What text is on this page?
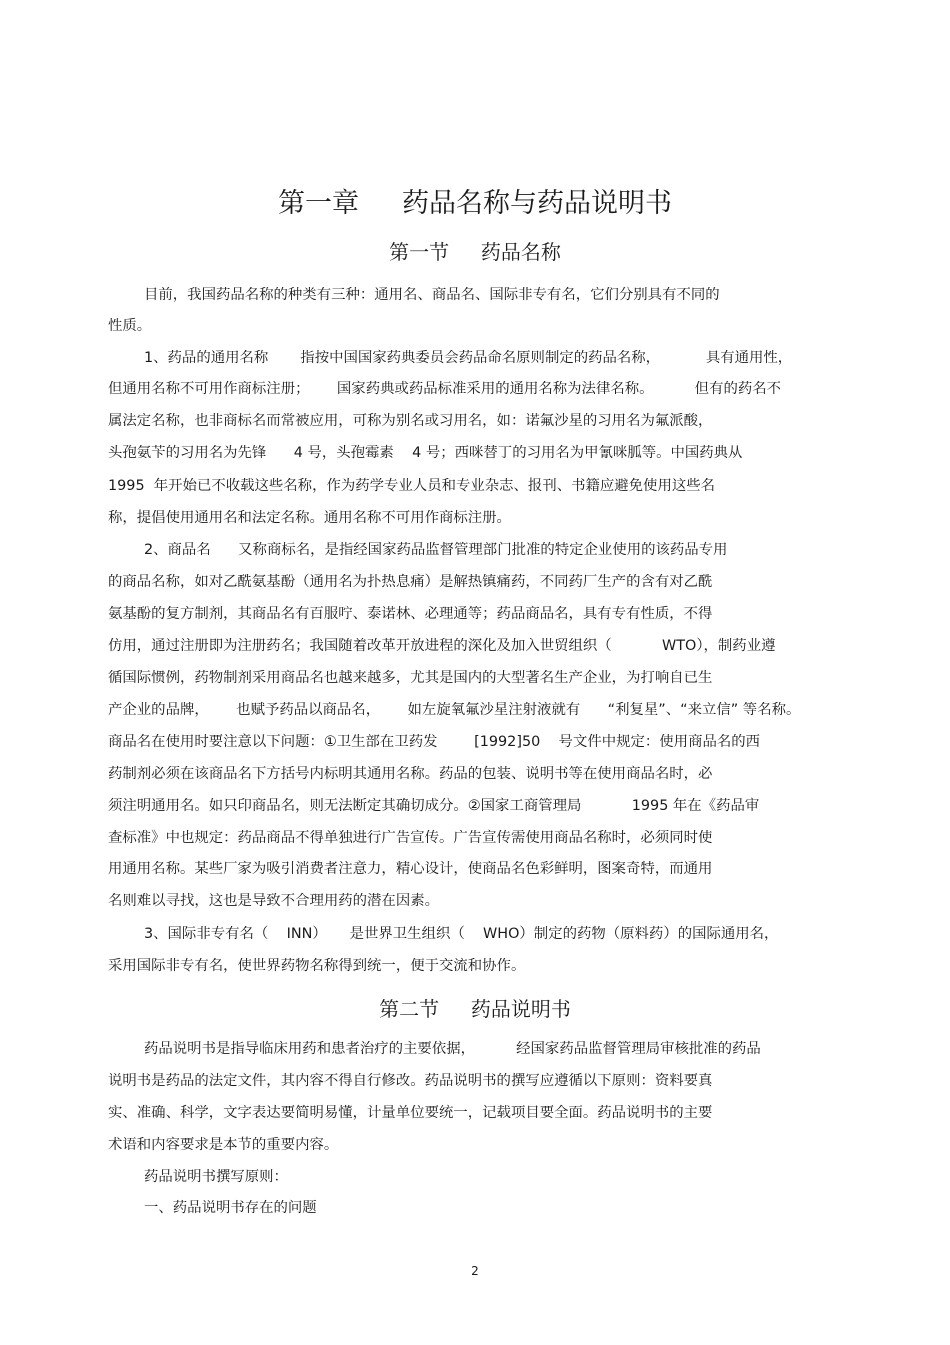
第一章     药品名称与药品说明书
第一节     药品名称
目前，我国药品名称的种类有三种：通用名、商品名、国际非专有名，它们分别具有不同的
性质。
1、药品的通用名称       指按中国国家药典委员会药品命名原则制定的药品名称，          具有通用性，
但通用名称不可用作商标注册；      国家药典或药品标准采用的通用名称为法律名称。         但有的药名不
属法定名称，也非商标名而常被应用，可称为别名或习用名，如：诺氟沙星的习用名为氟派酸，
头孢氨苄的习用名为先锋      4 号，头孢霉素    4 号；西咪替丁的习用名为甲氰咪胍等。中国药典从
1995  年开始已不收载这些名称，作为药学专业人员和专业杂志、报刊、书籍应避免使用这些名
称，提倡使用通用名和法定名称。通用名称不可用作商标注册。
2、商品名      又称商标名，是指经国家药品监督管理部门批准的特定企业使用的该药品专用
的商品名称，如对乙酰氨基酚（通用名为扑热息痛）是解热镇痛药，不同药厂生产的含有对乙酰
氨基酚的复方制剂，其商品名有百服咛、泰诺林、必理通等；药品商品名，具有专有性质，不得
仿用，通过注册即为注册药名；我国随着改革开放进程的深化及加入世贸组织（           WTO），制药业遵
循国际惯例，药物制剂采用商品名也越来越多，尤其是国内的大型著名生产企业，为打响自已生
产企业的品牌，      也赋予药品以商品名，      如左旋氧氟沙星注射液就有      “利复星”、“来立信” 等名称。
商品名在使用时要注意以下问题：①卫生部在卫药发        [1992]50    号文件中规定：使用商品名的西
药制剂必须在该商品名下方括号内标明其通用名称。药品的包装、说明书等在使用商品名时，必
须注明通用名。如只印商品名，则无法断定其确切成分。②国家工商管理局           1995 年在《药品审
查标准》中也规定：药品商品不得单独进行广告宣传。广告宣传需使用商品名称时，必须同时使
用通用名称。某些厂家为吸引消费者注意力，精心设计，使商品名色彩鲜明，图案奇特，而通用
名则难以寻找，这也是导致不合理用药的潜在因素。
3、国际非专有名（    INN）     是世界卫生组织（    WHO）制定的药物（原料药）的国际通用名，
采用国际非专有名，使世界药物名称得到统一，便于交流和协作。
第二节     药品说明书
药品说明书是指导临床用药和患者治疗的主要依据，         经国家药品监督管理局审核批准的药品
说明书是药品的法定文件，其内容不得自行修改。药品说明书的撰写应遵循以下原则：资料要真
实、准确、科学，文字表达要简明易懂，计量单位要统一，记载项目要全面。药品说明书的主要
术语和内容要求是本节的重要内容。
药品说明书撰写原则：
一、药品说明书存在的问题
2
